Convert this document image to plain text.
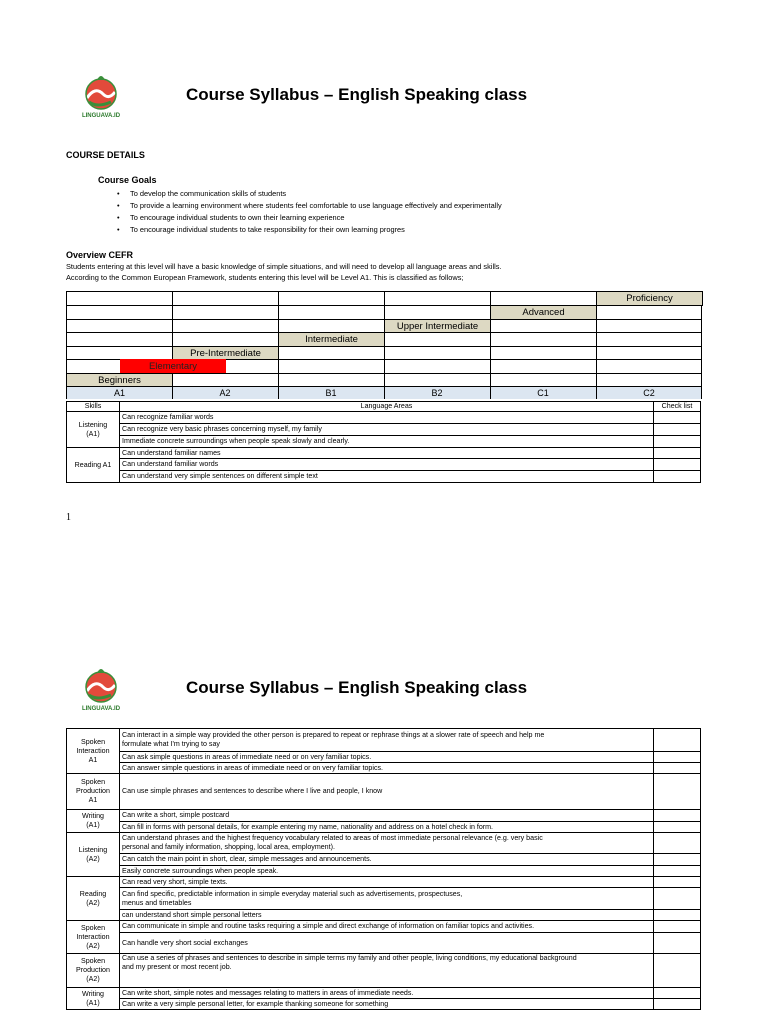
LINGUAVA.ID
Course Syllabus – English Speaking class
COURSE DETAILS
Course Goals
• To develop the communication skills of students
• To provide a learning environment where students feel comfortable to use language effectively and experimentally
• To encourage individual students to own their learning experience
• To encourage individual students to take responsibility for their own learning progres
Overview CEFR
Students entering at this level will have a basic knowledge of simple situations, and will need to develop all language areas and skills.
According to the Common European Framework, students entering this level will be Level A1. This is classified as follows;
Proficiency
Advanced
Upper Intermediate
Intermediate
Pre-Intermediate
Elementary
Beginners
A1	A2	B1	B2	C1	C2
Skills	Language Areas	Check list
Listening
(A1)	Can recognize familiar words	
	Can recognize very basic phrases concerning myself, my family	
	Immediate concrete surroundings when people speak slowly and clearly.	
Reading A1	Can understand familiar names	
	Can understand familiar words	
	Can understand very simple sentences on different simple text	
1
LINGUAVA.ID
Course Syllabus – English Speaking class
Spoken
Interaction
A1	Can interact in a simple way provided the other person is prepared to repeat or rephrase things at a slower rate of speech and help me
formulate what I'm trying to say	
	Can ask simple questions in areas of immediate need or on very familiar topics.	
	Can answer simple questions in areas of immediate need or on very familiar topics.	
Spoken
Production
A1	Can use simple phrases and sentences to describe where I live and people, I know	
Writing
(A1)	Can write a short, simple postcard	
	Can fill in forms with personal details, for example entering my name, nationality and address on a hotel check in form.	
Listening
(A2)	Can understand phrases and the highest frequency vocabulary related to areas of most immediate personal relevance (e.g. very basic
personal and family information, shopping, local area, employment).	
	Can catch the main point in short, clear, simple messages and announcements.	
	Easily concrete surroundings when people speak.	
Reading
(A2)	Can read very short, simple texts.	
	Can find specific, predictable information in simple everyday material such as advertisements, prospectuses,
menus and timetables	
	can understand short simple personal letters	
Spoken
Interaction
(A2)	Can communicate in simple and routine tasks requiring a simple and direct exchange of information on familiar topics and activities.	
	Can handle very short social exchanges	
Spoken
Production
(A2)	Can use a series of phrases and sentences to describe in simple terms my family and other people, living conditions, my educational background
and my present or most recent job.	
Writing
(A1)	Can write short, simple notes and messages relating to matters in areas of immediate needs.	
	Can write a very simple personal letter, for example thanking someone for something	
